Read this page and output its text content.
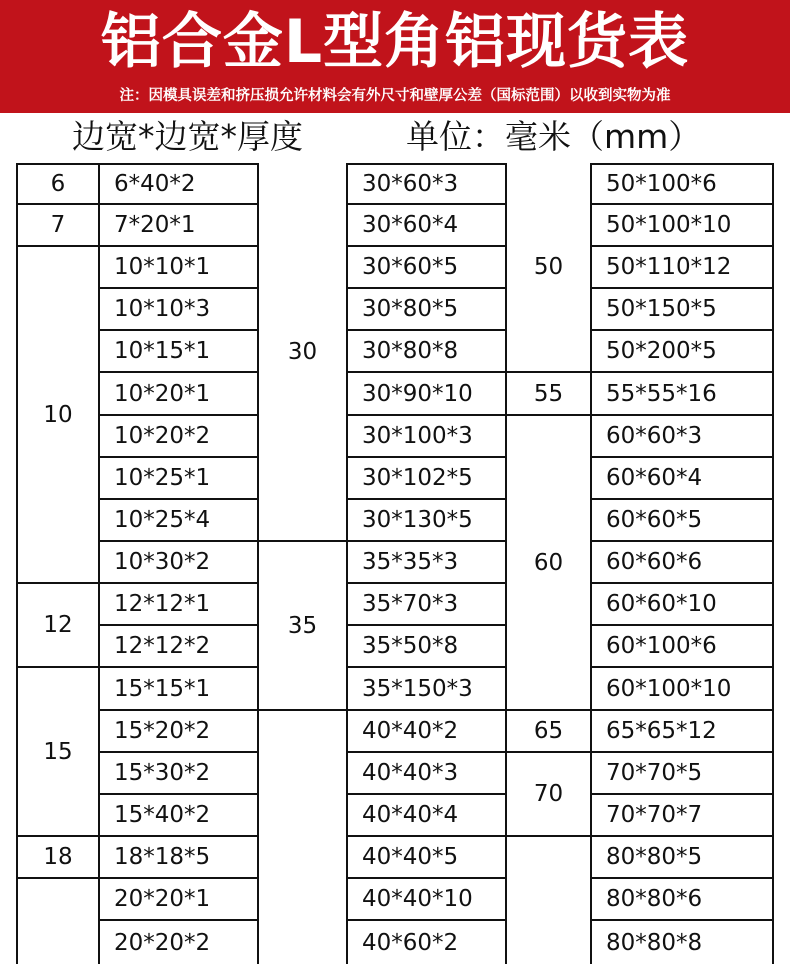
铝合金L型角铝现货表
注：因模具误差和挤压损允许材料会有外尺寸和壁厚公差（国标范围）以收到实物为准
边宽*边宽*厚度	单位：毫米（mm）
6
7
10
12
15
18
6*40*2
7*20*1
10*10*1
10*10*3
10*15*1
10*20*1
10*20*2
10*25*1
10*25*4
10*30*2
12*12*1
12*12*2
15*15*1
15*20*2
15*30*2
15*40*2
18*18*5
20*20*1
20*20*2
30
35
30*60*3
30*60*4
30*60*5
30*80*5
30*80*8
30*90*10
30*100*3
30*102*5
30*130*5
35*35*3
35*70*3
35*50*8
35*150*3
40*40*2
40*40*3
40*40*4
40*40*5
40*40*10
40*60*2
50
55
60
65
70
50*100*6
50*100*10
50*110*12
50*150*5
50*200*5
55*55*16
60*60*3
60*60*4
60*60*5
60*60*6
60*60*10
60*100*6
60*100*10
65*65*12
70*70*5
70*70*7
80*80*5
80*80*6
80*80*8
